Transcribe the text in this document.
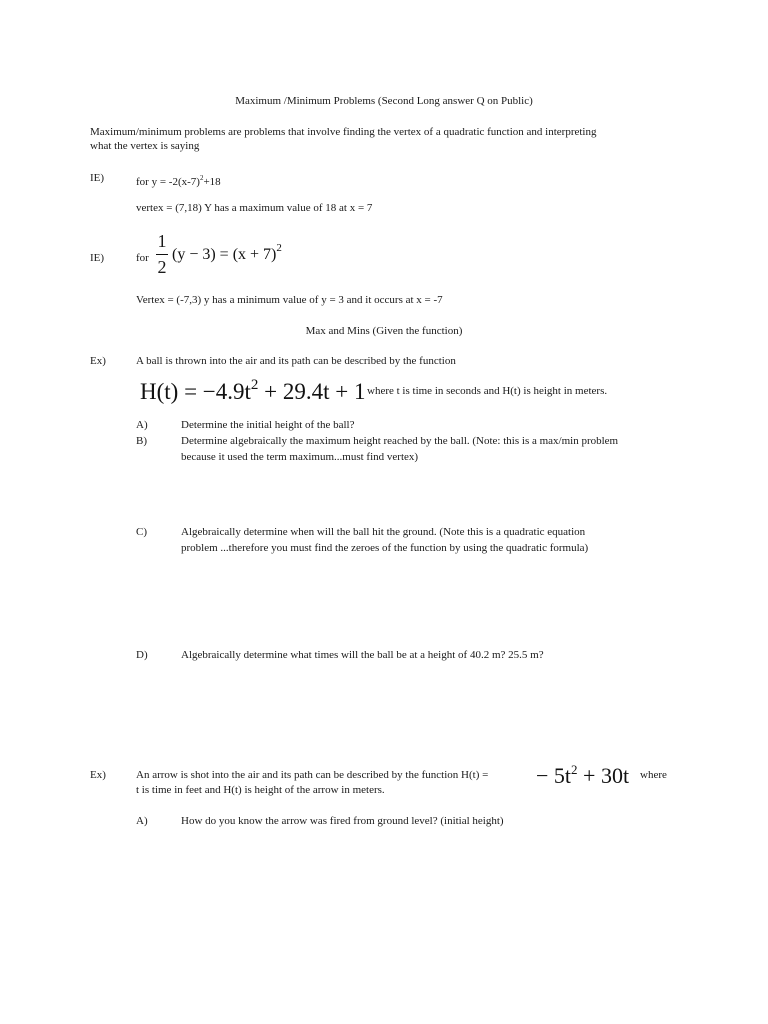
Maximum /Minimum Problems (Second Long answer Q on Public)
Maximum/minimum problems are problems that involve finding the vertex of a quadratic function and interpreting
what the vertex is saying
IE)	for $y = -2(x-7)^2+18$
vertex = (7,18) Y has a maximum value of 18 at x = 7
IE)	for
1
2
$(y - 3) = (x + 7)^2$
Vertex = (-7,3) y has a minimum value of y = 3 and it occurs at x = -7
Max and Mins (Given the function)
Ex)	A ball is thrown into the air and its path can be described by the function
$H(t) = -4.9t^2 + 29.4t + 1$ where t is time in seconds and H(t) is height in meters.
A)	Determine the initial height of the ball?
B)	Determine algebraically the maximum height reached by the ball. (Note: this is a max/min problem
because it used the term maximum...must find vertex)
C)	Algebraically determine when will the ball hit the ground. (Note this is a quadratic equation
problem ...therefore you must find the zeroes of the function by using the quadratic formula)
D)	Algebraically determine what times will the ball be at a height of 40.2 m? 25.5 m?
Ex)	An arrow is shot into the air and its path can be described by the function H(t) = − $5t^2 + 30t$ where
t is time in feet and H(t) is height of the arrow in meters.
A)	How do you know the arrow was fired from ground level? (initial height)
